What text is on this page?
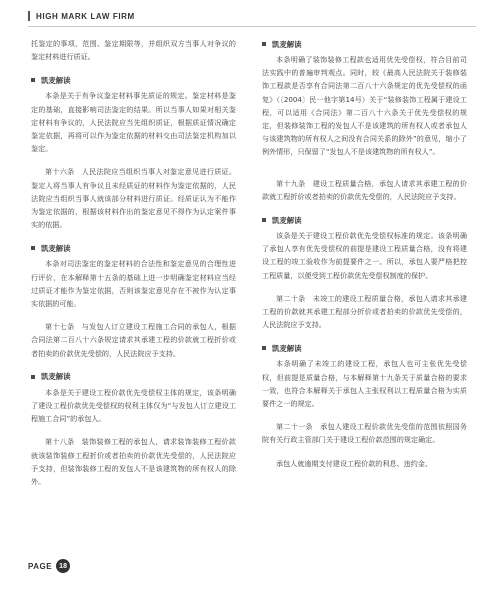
HIGH MARK LAW FIRM

托鉴定的事项、范围、鉴定期限等，并组织双方当事人对争议的鉴定材料进行质证。

凯麦解读

本条是关于有争议鉴定材料事先质证的规定。鉴定材料是鉴定的基础，直接影响司法鉴定的结果。所以当事人如果对相关鉴定材料有争议的，人民法院应当先组织质证，根据质证情况确定鉴定依据，再将可以作为鉴定依据的材料交由司法鉴定机构加以鉴定。

第十六条　人民法院应当组织当事人对鉴定意见进行质证。鉴定人将当事人有争议且未经质证的材料作为鉴定依据的，人民法院应当组织当事人就该部分材料进行质证。经质证认为不能作为鉴定依据的，根据该材料作出的鉴定意见不得作为认定案件事实的依据。

凯麦解读

本条对司法鉴定的鉴定材料的合法性和鉴定意见的合理性进行评价，在本解释第十五条的基础上进一步明确鉴定材料应当经过质证才能作为鉴定依据，否则该鉴定意见存在不被作为认定事实依据的可能。

第十七条　与发包人订立建设工程施工合同的承包人，根据合同法第二百八十六条规定请求其承建工程的价款就工程折价或者拍卖的价款优先受偿的，人民法院应予支持。

凯麦解读

本条是关于建设工程价款优先受偿权主体的规定，该条明确了建设工程价款优先受偿权的权利主体仅为“与发包人订立建设工程施工合同”的承包人。

第十八条　装饰装修工程的承包人，请求装饰装修工程价款就该装饰装修工程折价或者拍卖的价款优先受偿的，人民法院应予支持，但装饰装修工程的发包人不是该建筑物的所有权人的除外。

凯麦解读

本条明确了装饰装修工程款也适用优先受偿权，符合目前司法实践中的普遍审判观点。同时，较《最高人民法院关于装修装饰工程款是否享有合同法第二百八十六条规定的优先受偿权的函复》（〔2004〕民一他字第14号）关于“装修装饰工程属于建设工程，可以适用《合同法》第二百八十六条关于优先受偿权的规定，但装修装饰工程的发包人不是该建筑的所有权人或者承包人与该建筑物的所有权人之间没有合同关系的除外”的意见，缩小了例外情形，只保留了“发包人不是该建筑物的所有权人”。

第十九条　建设工程质量合格，承包人请求其承建工程的价款就工程折价或者拍卖的价款优先受偿的，人民法院应予支持。

凯麦解读

该条是关于建设工程价款优先受偿权标准的规定。该条明确了承包人享有优先受偿权的前提是建设工程质量合格，没有将建设工程的竣工验收作为前提要件之一。所以，承包人要严格把控工程质量，以便受到工程价款优先受偿权制度的保护。

第二十条　未竣工的建设工程质量合格，承包人请求其承建工程的价款就其承建工程部分折价或者拍卖的价款优先受偿的，人民法院应予支持。

凯麦解读

本条明确了未竣工的建设工程，承包人也可主张优先受偿权，但前提是质量合格，与本解释第十九条关于质量合格的要求一致，也符合本解释关于承包人主张权利以工程质量合格为实质要件之一的规定。

第二十一条　承包人建设工程价款优先受偿的范围依照国务院有关行政主管部门关于建设工程价款范围的规定确定。

承包人就逾期支付建设工程价款的利息、违约金、

PAGE	18
